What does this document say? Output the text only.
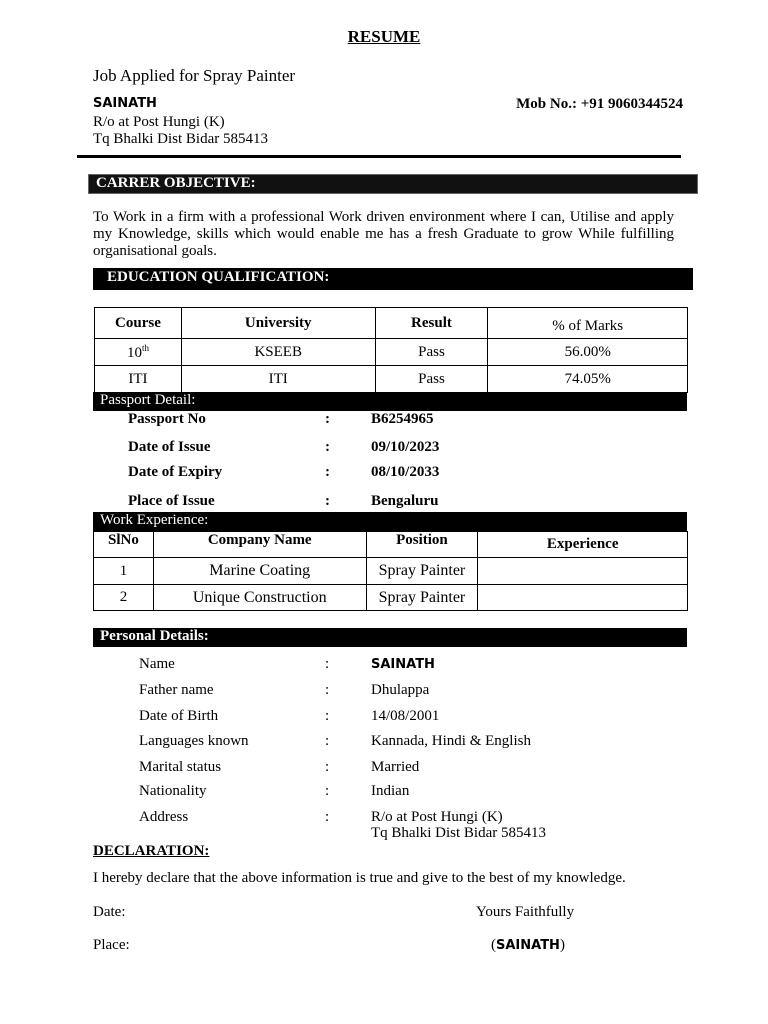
RESUME
Job Applied for Spray Painter
SAINATH	Mob No.: +91 9060344524
R/o at Post Hungi (K)
Tq Bhalki Dist Bidar 585413
CARRER OBJECTIVE:
To Work in a firm with a professional Work driven environment where I can, Utilise and apply my Knowledge, skills which would enable me has a fresh Graduate to grow While fulfilling organisational goals.
EDUCATION QUALIFICATION:
Course	University	Result	% of Marks
10th	KSEEB	Pass	56.00%
ITI	ITI	Pass	74.05%
Passport Detail:
Passport No	:	B6254965
Date of Issue	:	09/10/2023
Date of Expiry	:	08/10/2033
Place of Issue	:	Bengaluru
Work Experience:
SlNo	Company Name	Position	Experience
1	Marine Coating	Spray Painter	
2	Unique Construction	Spray Painter	
Personal Details:
Name	:	SAINATH
Father name	:	Dhulappa
Date of Birth	:	14/08/2001
Languages known	:	Kannada, Hindi & English
Marital status	:	Married
Nationality	:	Indian
Address	:	R/o at Post Hungi (K)
Tq Bhalki Dist Bidar 585413
DECLARATION:
I hereby declare that the above information is true and give to the best of my knowledge.
Date:	Yours Faithfully
Place:	(SAINATH)
